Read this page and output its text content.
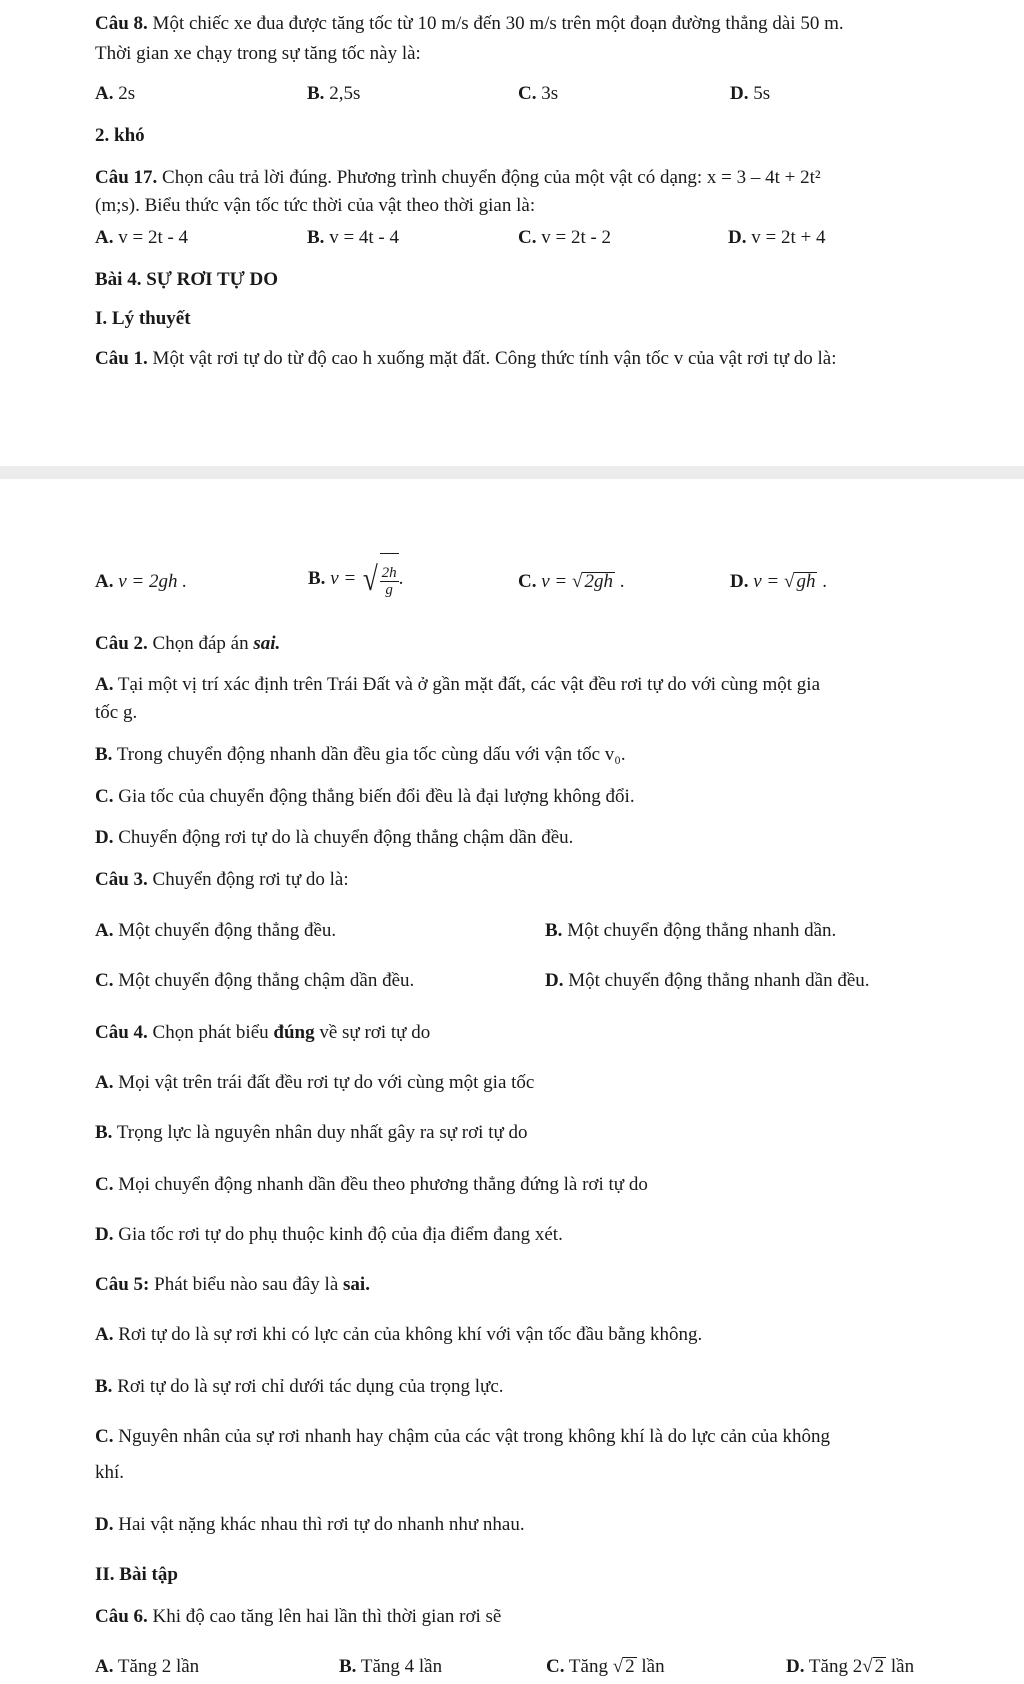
Câu 8. Một chiếc xe đua được tăng tốc từ 10 m/s đến 30 m/s trên một đoạn đường thẳng dài 50 m.
Thời gian xe chạy trong sự tăng tốc này là:
A. 2s	B. 2,5s	C. 3s	D. 5s
2. khó
Câu 17. Chọn câu trả lời đúng. Phương trình chuyển động của một vật có dạng: x = 3 – 4t + 2t²
(m;s). Biểu thức vận tốc tức thời của vật theo thời gian là:
A. v = 2t - 4	B. v = 4t - 4	C. v = 2t - 2	D. v = 2t + 4
Bài 4. SỰ RƠI TỰ DO
I. Lý thuyết
Câu 1. Một vật rơi tự do từ độ cao h xuống mặt đất. Công thức tính vận tốc v của vật rơi tự do là:
A. v = 2gh .	B. v = √ $\frac{2h}{g}$ .	C. v = √ 2gh .	D. v = √ gh .
Câu 2. Chọn đáp án sai.
A. Tại một vị trí xác định trên Trái Đất và ở gần mặt đất, các vật đều rơi tự do với cùng một gia
tốc g.
B. Trong chuyển động nhanh dần đều gia tốc cùng dấu với vận tốc v₀.
C. Gia tốc của chuyển động thẳng biến đổi đều là đại lượng không đổi.
D. Chuyển động rơi tự do là chuyển động thẳng chậm dần đều.
Câu 3. Chuyển động rơi tự do là:
A. Một chuyển động thẳng đều.	B. Một chuyển động thẳng nhanh dần.
C. Một chuyển động thẳng chậm dần đều.	D. Một chuyển động thẳng nhanh dần đều.
Câu 4. Chọn phát biểu đúng về sự rơi tự do
A. Mọi vật trên trái đất đều rơi tự do với cùng một gia tốc
B. Trọng lực là nguyên nhân duy nhất gây ra sự rơi tự do
C. Mọi chuyển động nhanh dần đều theo phương thẳng đứng là rơi tự do
D. Gia tốc rơi tự do phụ thuộc kinh độ của địa điểm đang xét.
Câu 5: Phát biểu nào sau đây là sai.
A. Rơi tự do là sự rơi khi có lực cản của không khí với vận tốc đầu bằng không.
B. Rơi tự do là sự rơi chỉ dưới tác dụng của trọng lực.
C. Nguyên nhân của sự rơi nhanh hay chậm của các vật trong không khí là do lực cản của không
khí.
D. Hai vật nặng khác nhau thì rơi tự do nhanh như nhau.
II. Bài tập
Câu 6. Khi độ cao tăng lên hai lần thì thời gian rơi sẽ
A. Tăng 2 lần	B. Tăng 4 lần	C. Tăng √ 2 lần	D. Tăng 2√ 2 lần
